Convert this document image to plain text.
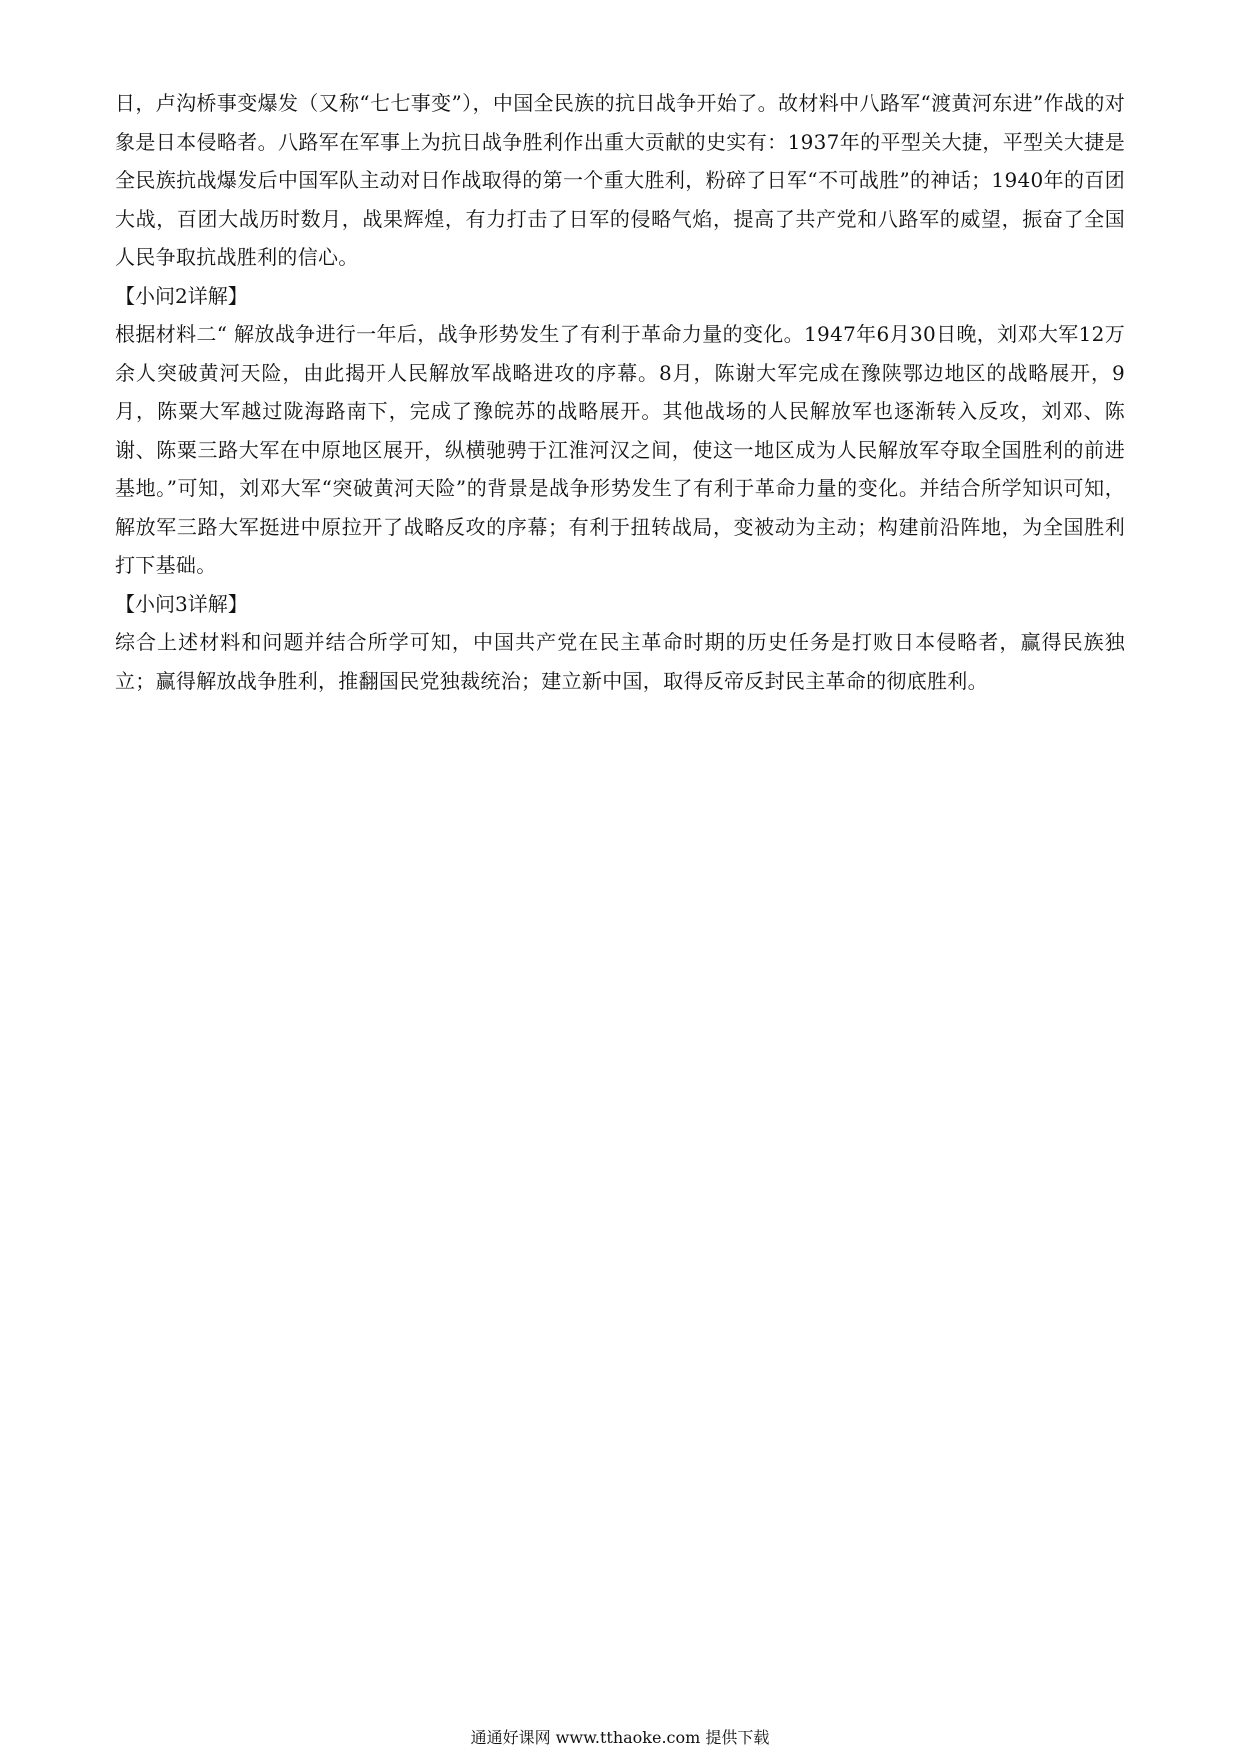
日，卢沟桥事变爆发（又称“七七事变”），中国全民族的抗日战争开始了。故材料中八路军“渡黄河东进”作战的对象是日本侵略者。八路军在军事上为抗日战争胜利作出重大贡献的史实有：1937年的平型关大捷，平型关大捷是全民族抗战爆发后中国军队主动对日作战取得的第一个重大胜利，粉碎了日军“不可战胜”的神话；1940年的百团大战，百团大战历时数月，战果辉煌，有力打击了日军的侵略气焰，提高了共产党和八路军的威望，振奋了全国人民争取抗战胜利的信心。

【小问2详解】

根据材料二“ 解放战争进行一年后，战争形势发生了有利于革命力量的变化。1947年6月30日晚，刘邓大军12万余人突破黄河天险，由此揭开人民解放军战略进攻的序幕。8月，陈谢大军完成在豫陕鄂边地区的战略展开，9月，陈粟大军越过陇海路南下，完成了豫皖苏的战略展开。其他战场的人民解放军也逐渐转入反攻，刘邓、陈谢、陈粟三路大军在中原地区展开，纵横驰骋于江淮河汉之间，使这一地区成为人民解放军夺取全国胜利的前进基地。”可知，刘邓大军“突破黄河天险”的背景是战争形势发生了有利于革命力量的变化。并结合所学知识可知，解放军三路大军挺进中原拉开了战略反攻的序幕；有利于扭转战局，变被动为主动；构建前沿阵地，为全国胜利打下基础。

【小问3详解】

综合上述材料和问题并结合所学可知，中国共产党在民主革命时期的历史任务是打败日本侵略者，赢得民族独立；赢得解放战争胜利，推翻国民党独裁统治；建立新中国，取得反帝反封民主革命的彻底胜利。

通通好课网 www.tthaoke.com 提供下载
